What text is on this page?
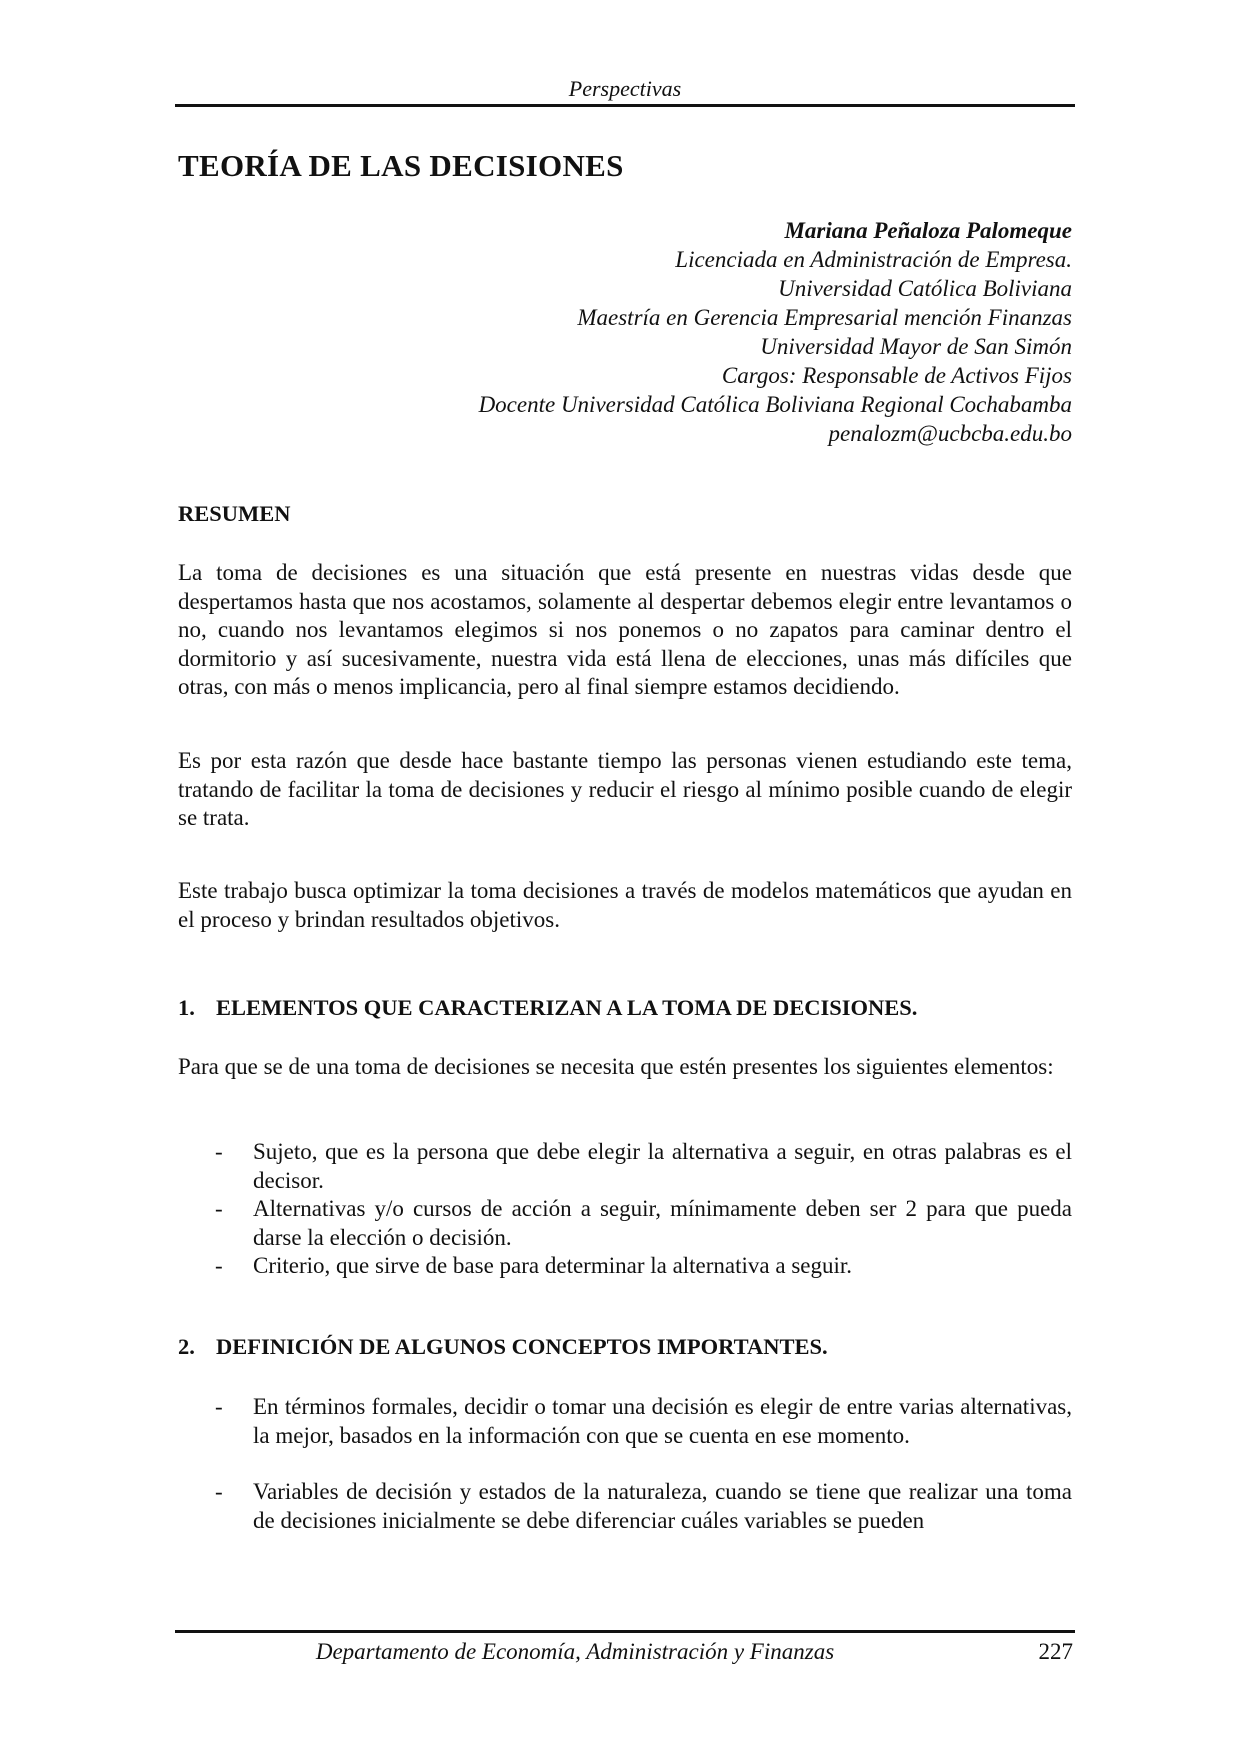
Perspectivas
TEORÍA DE LAS DECISIONES
Mariana Peñaloza Palomeque
Licenciada en Administración de Empresa.
Universidad Católica Boliviana
Maestría en Gerencia Empresarial mención Finanzas
Universidad Mayor de San Simón
Cargos: Responsable de Activos Fijos
Docente Universidad Católica Boliviana Regional Cochabamba
penalozm@ucbcba.edu.bo
RESUMEN

La toma de decisiones es una situación que está presente en nuestras vidas desde que despertamos hasta que nos acostamos, solamente al despertar debemos elegir entre levantamos o no, cuando nos levantamos elegimos si nos ponemos o no zapatos para caminar dentro el dormitorio y así sucesivamente, nuestra vida está llena de elecciones, unas más difíciles que otras, con más o menos implicancia, pero al final siempre estamos decidiendo.

Es por esta razón que desde hace bastante tiempo las personas vienen estudiando este tema, tratando de facilitar la toma de decisiones y reducir el riesgo al mínimo posible cuando de elegir se trata.

Este trabajo busca optimizar la toma decisiones a través de modelos matemáticos que ayudan en el proceso y brindan resultados objetivos.

1. ELEMENTOS QUE CARACTERIZAN A LA TOMA DE DECISIONES.

Para que se de una toma de decisiones se necesita que estén presentes los siguientes elementos:

- Sujeto, que es la persona que debe elegir la alternativa a seguir, en otras palabras es el decisor.
- Alternativas y/o cursos de acción a seguir, mínimamente deben ser 2 para que pueda darse la elección o decisión.
- Criterio, que sirve de base para determinar la alternativa a seguir.
2. DEFINICIÓN DE ALGUNOS CONCEPTOS IMPORTANTES.
- En términos formales, decidir o tomar una decisión es elegir de entre varias alternativas, la mejor, basados en la información con que se cuenta en ese momento.
- Variables de decisión y estados de la naturaleza, cuando se tiene que realizar una toma de decisiones inicialmente se debe diferenciar cuáles variables se pueden
Departamento de Economía, Administración y Finanzas	227
